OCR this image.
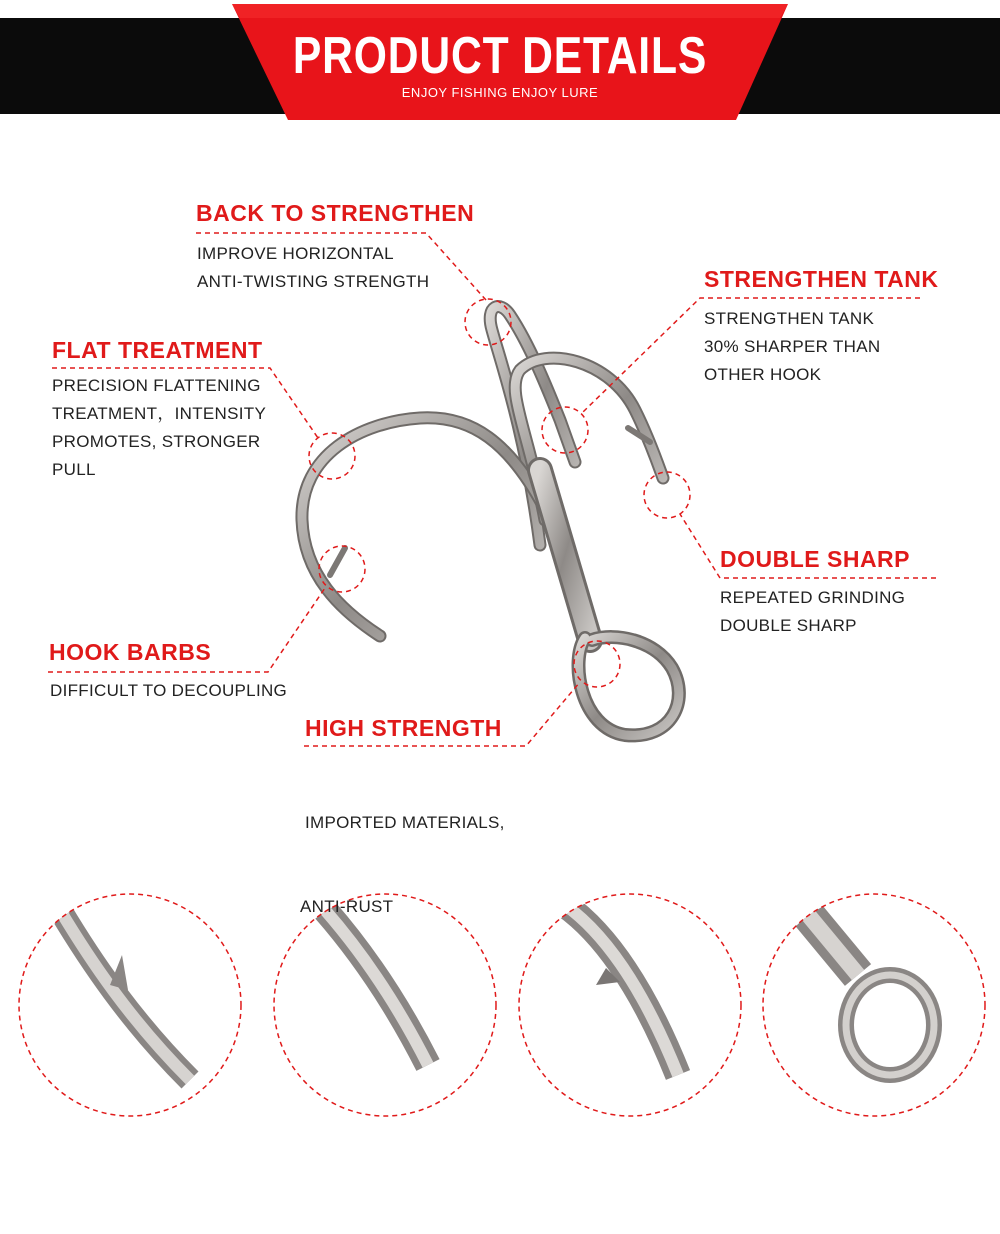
PRODUCT DETAILS
ENJOY FISHING ENJOY LURE
BACK TO STRENGTHEN
IMPROVE HORIZONTAL
ANTI-TWISTING STRENGTH	STRENGTHEN TANK
STRENGTHEN TANK
30% SHARPER THAN
OTHER HOOK
FLAT TREATMENT
PRECISION FLATTENING
TREATMENT，INTENSITY
PROMOTES, STRONGER
PULL
DOUBLE SHARP
REPEATED GRINDING
DOUBLE SHARP
HOOK BARBS
DIFFICULT TO DECOUPLING
HIGH STRENGTH

IMPORTED MATERIALS,

ANTI-RUST
